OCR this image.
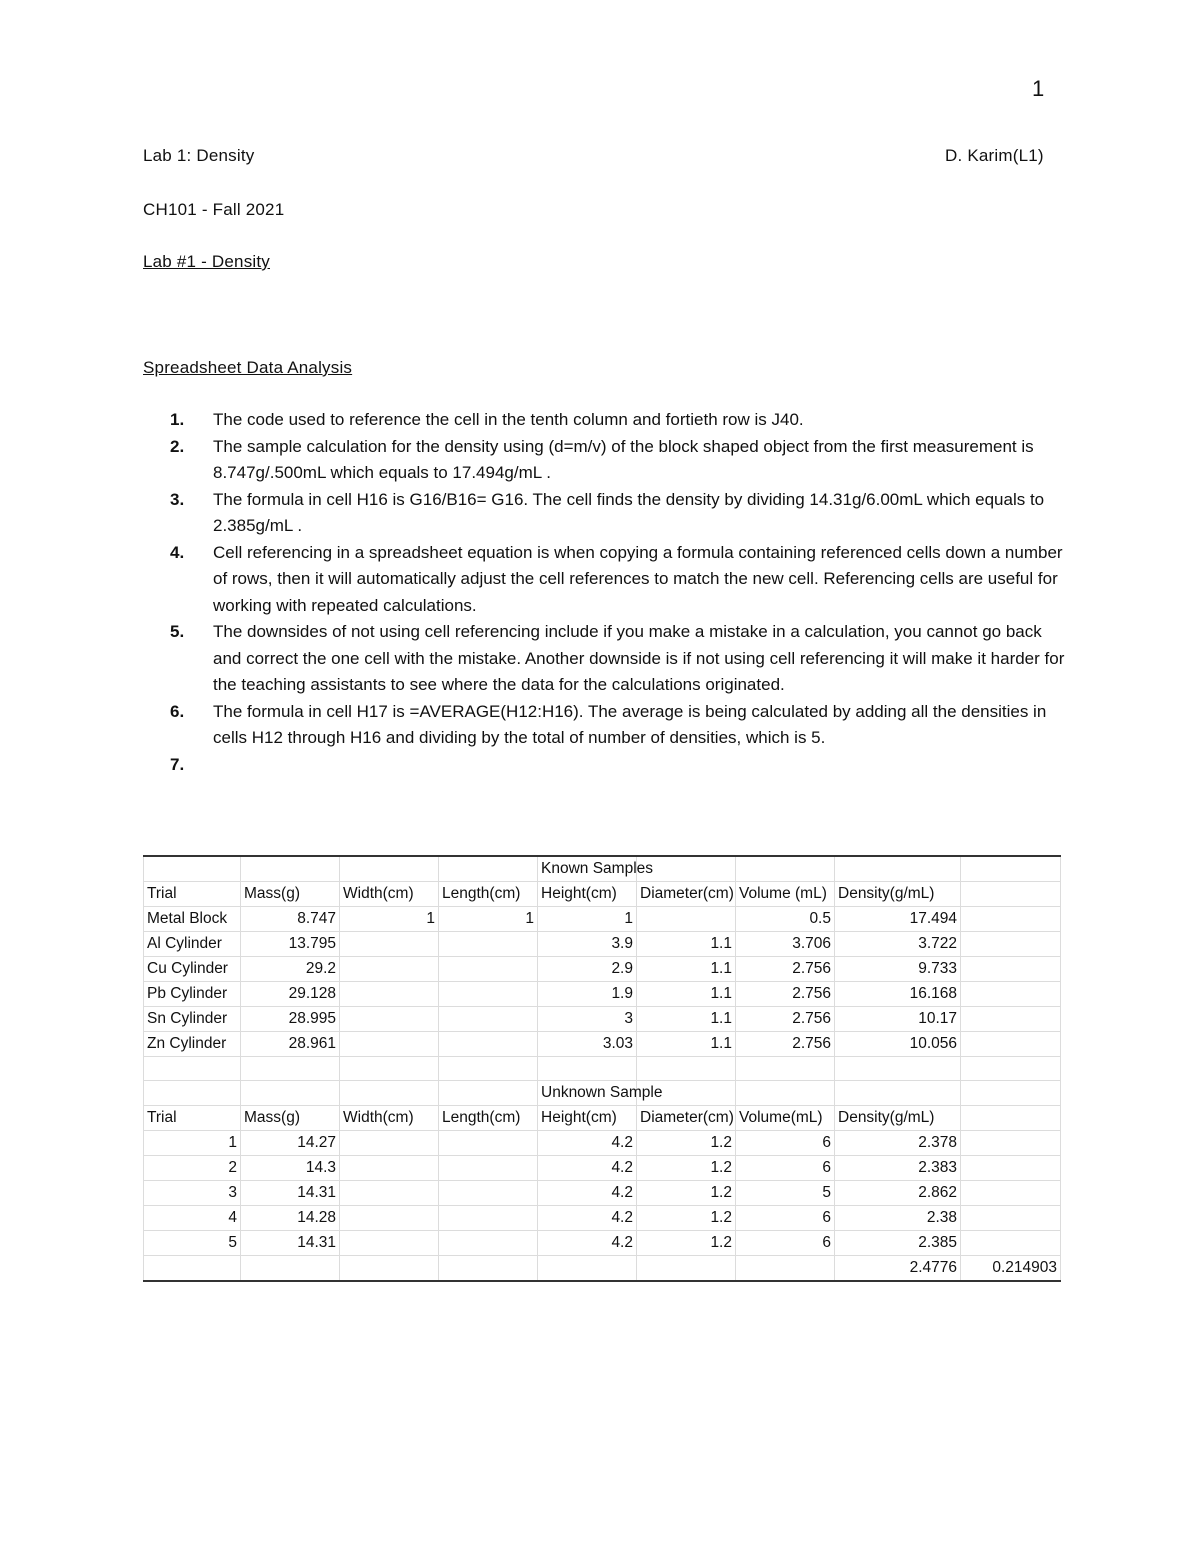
1
Lab 1: Density	D. Karim(L1)
CH101 - Fall 2021
Lab #1 - Density
Spreadsheet Data Analysis
1. The code used to reference the cell in the tenth column and fortieth row is J40.
2. The sample calculation for the density using (d=m/v) of the block shaped object from the first measurement is 8.747g/.500mL which equals to 17.494g/mL .
3. The formula in cell H16 is G16/B16= G16. The cell finds the density by dividing 14.31g/6.00mL which equals to 2.385g/mL .
4. Cell referencing in a spreadsheet equation is when copying a formula containing referenced cells down a number of rows, then it will automatically adjust the cell references to match the new cell. Referencing cells are useful for working with repeated calculations.
5. The downsides of not using cell referencing include if you make a mistake in a calculation, you cannot go back and correct the one cell with the mistake. Another downside is if not using cell referencing it will make it harder for the teaching assistants to see where the data for the calculations originated.
6. The formula in cell H17 is =AVERAGE(H12:H16). The average is being calculated by adding all the densities in cells H12 through H16 and dividing by the total of number of densities, which is 5.
7.
				Known Samples				
Trial	Mass(g)	Width(cm)	Length(cm)	Height(cm)	Diameter(cm)	Volume (mL)	Density(g/mL)	
Metal Block	8.747	1	1	1		0.5	17.494	
Al Cylinder	13.795			3.9	1.1	3.706	3.722	
Cu Cylinder	29.2			2.9	1.1	2.756	9.733	
Pb Cylinder	29.128			1.9	1.1	2.756	16.168	
Sn Cylinder	28.995			3	1.1	2.756	10.17	
Zn Cylinder	28.961			3.03	1.1	2.756	10.056	

				Unknown Sample				
Trial	Mass(g)	Width(cm)	Length(cm)	Height(cm)	Diameter(cm)	Volume(mL)	Density(g/mL)	
1	14.27			4.2	1.2	6	2.378	
2	14.3			4.2	1.2	6	2.383	
3	14.31			4.2	1.2	5	2.862	
4	14.28			4.2	1.2	6	2.38	
5	14.31			4.2	1.2	6	2.385	
							2.4776	0.214903
